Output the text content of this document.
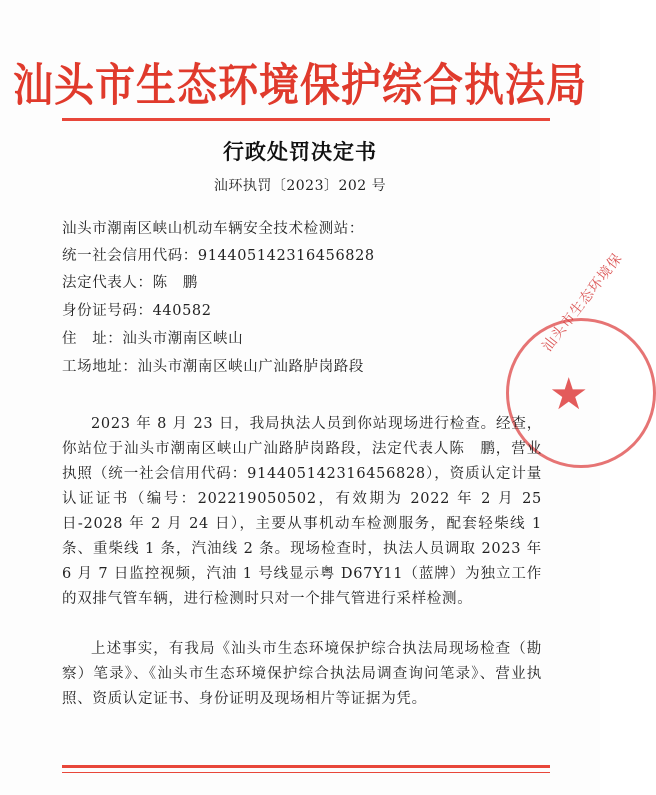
汕头市生态环境保护综合执法局
行政处罚决定书
汕环执罚〔2023〕202 号
汕头市潮南区峡山机动车辆安全技术检测站：
统一社会信用代码：914405142316456828
法定代表人：陈　鹏
身份证号码：440582
住　址：汕头市潮南区峡山
工场地址：汕头市潮南区峡山广汕路胪岗路段
汕头市生态环境保
★

2023 年 8 月 23 日，我局执法人员到你站现场进行检查。经查，你站位于汕头市潮南区峡山广汕路胪岗路段，法定代表人陈　鹏，营业执照（统一社会信用代码：914405142316456828），资质认定计量认证证书（编号：202219050502，有效期为 2022 年 2 月 25 日-2028 年 2 月 24 日），主要从事机动车检测服务，配套轻柴线 1 条、重柴线 1 条，汽油线 2 条。现场检查时，执法人员调取 2023 年 6 月 7 日监控视频，汽油 1 号线显示粤 D67Y11（蓝牌）为独立工作的双排气管车辆，进行检测时只对一个排气管进行采样检测。

上述事实，有我局《汕头市生态环境保护综合执法局现场检查（勘察）笔录》、《汕头市生态环境保护综合执法局调查询问笔录》、营业执照、资质认定证书、身份证明及现场相片等证据为凭。
